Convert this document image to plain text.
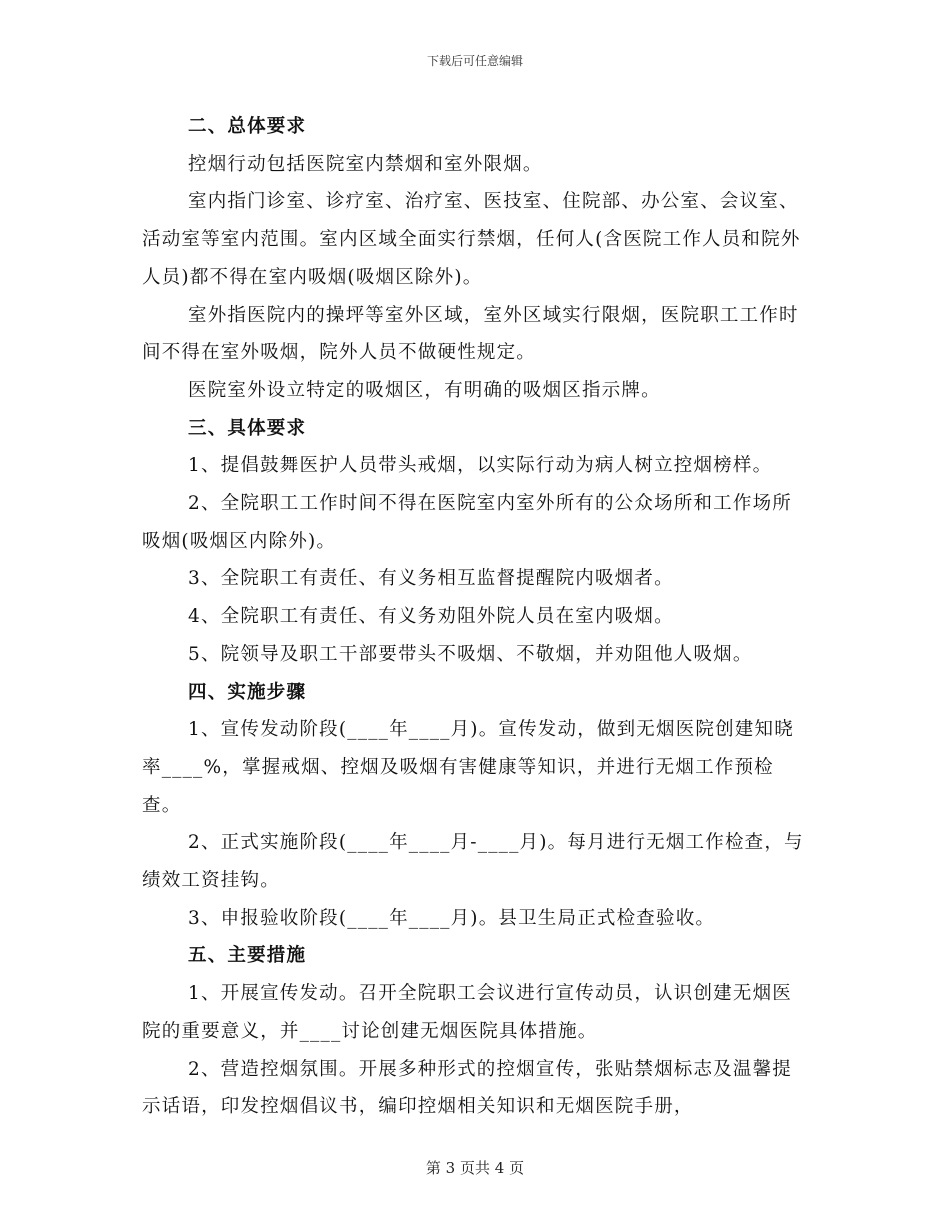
下载后可任意编辑

二、总体要求

控烟行动包括医院室内禁烟和室外限烟。

室内指门诊室、诊疗室、治疗室、医技室、住院部、办公室、会议室、活动室等室内范围。室内区域全面实行禁烟，任何人(含医院工作人员和院外人员)都不得在室内吸烟(吸烟区除外)。

室外指医院内的操坪等室外区域，室外区域实行限烟，医院职工工作时间不得在室外吸烟，院外人员不做硬性规定。

医院室外设立特定的吸烟区，有明确的吸烟区指示牌。

三、具体要求

1、提倡鼓舞医护人员带头戒烟，以实际行动为病人树立控烟榜样。

2、全院职工工作时间不得在医院室内室外所有的公众场所和工作场所吸烟(吸烟区内除外)。

3、全院职工有责任、有义务相互监督提醒院内吸烟者。

4、全院职工有责任、有义务劝阻外院人员在室内吸烟。

5、院领导及职工干部要带头不吸烟、不敬烟，并劝阻他人吸烟。

四、实施步骤

1、宣传发动阶段(____年____月)。宣传发动，做到无烟医院创建知晓率____%，掌握戒烟、控烟及吸烟有害健康等知识，并进行无烟工作预检查。

2、正式实施阶段(____年____月-____月)。每月进行无烟工作检查，与绩效工资挂钩。

3、申报验收阶段(____年____月)。县卫生局正式检查验收。

五、主要措施

1、开展宣传发动。召开全院职工会议进行宣传动员，认识创建无烟医院的重要意义，并____讨论创建无烟医院具体措施。

2、营造控烟氛围。开展多种形式的控烟宣传，张贴禁烟标志及温馨提示话语，印发控烟倡议书，编印控烟相关知识和无烟医院手册，

第 3 页共 4 页
